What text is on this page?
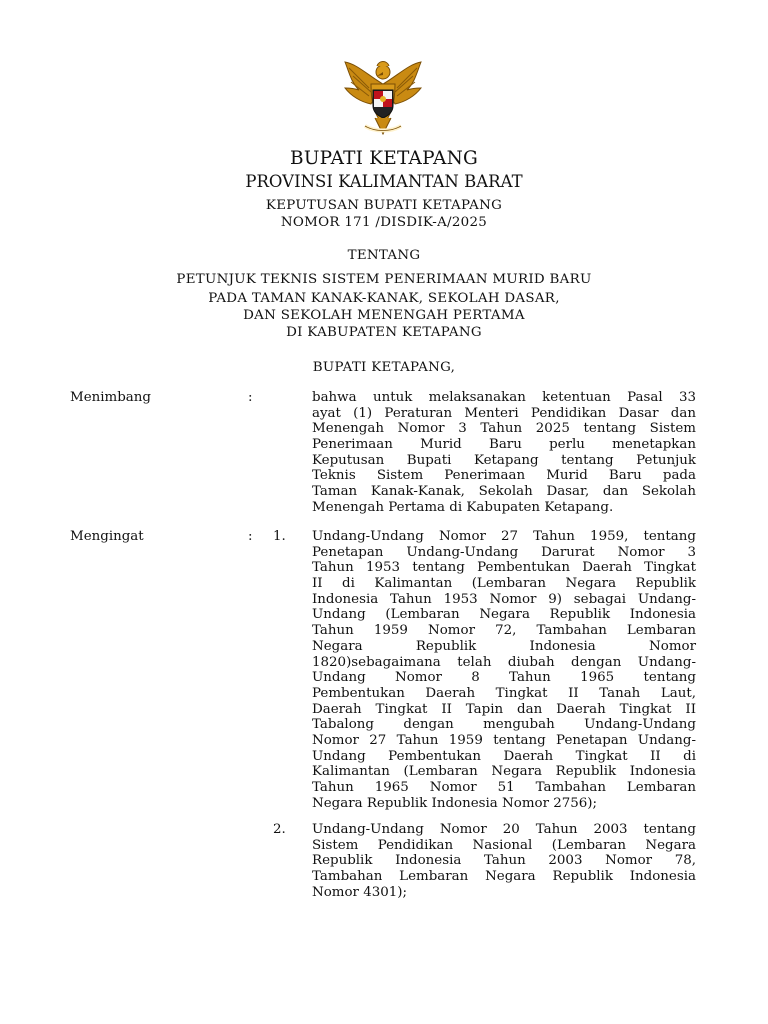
BUPATI KETAPANG
PROVINSI KALIMANTAN BARAT
KEPUTUSAN BUPATI KETAPANG
NOMOR 171 /DISDIK-A/2025
TENTANG
PETUNJUK TEKNIS SISTEM PENERIMAAN MURID BARU
PADA TAMAN KANAK-KANAK, SEKOLAH DASAR,
DAN SEKOLAH MENENGAH PERTAMA
DI KABUPATEN KETAPANG
BUPATI KETAPANG,
Menimbang	:	bahwa untuk melaksanakan ketentuan Pasal 33
ayat (1) Peraturan Menteri Pendidikan Dasar dan
Menengah Nomor 3 Tahun 2025 tentang Sistem
Penerimaan Murid Baru perlu menetapkan
Keputusan Bupati Ketapang tentang Petunjuk
Teknis Sistem Penerimaan Murid Baru pada
Taman Kanak-Kanak, Sekolah Dasar, dan Sekolah
Menengah Pertama di Kabupaten Ketapang.
Mengingat	: 1. Undang-Undang Nomor 27 Tahun 1959, tentang
Penetapan Undang-Undang Darurat Nomor 3
Tahun 1953 tentang Pembentukan Daerah Tingkat
II di Kalimantan (Lembaran Negara Republik
Indonesia Tahun 1953 Nomor 9) sebagai Undang-
Undang (Lembaran Negara Republik Indonesia
Tahun 1959 Nomor 72, Tambahan Lembaran
Negara Republik Indonesia Nomor
1820)sebagaimana telah diubah dengan Undang-
Undang Nomor 8 Tahun 1965 tentang
Pembentukan Daerah Tingkat II Tanah Laut,
Daerah Tingkat II Tapin dan Daerah Tingkat II
Tabalong dengan mengubah Undang-Undang
Nomor 27 Tahun 1959 tentang Penetapan Undang-
Undang Pembentukan Daerah Tingkat II di
Kalimantan (Lembaran Negara Republik Indonesia
Tahun 1965 Nomor 51 Tambahan Lembaran
Negara Republik Indonesia Nomor 2756);
2. Undang-Undang Nomor 20 Tahun 2003 tentang
Sistem Pendidikan Nasional (Lembaran Negara
Republik Indonesia Tahun 2003 Nomor 78,
Tambahan Lembaran Negara Republik Indonesia
Nomor 4301);
